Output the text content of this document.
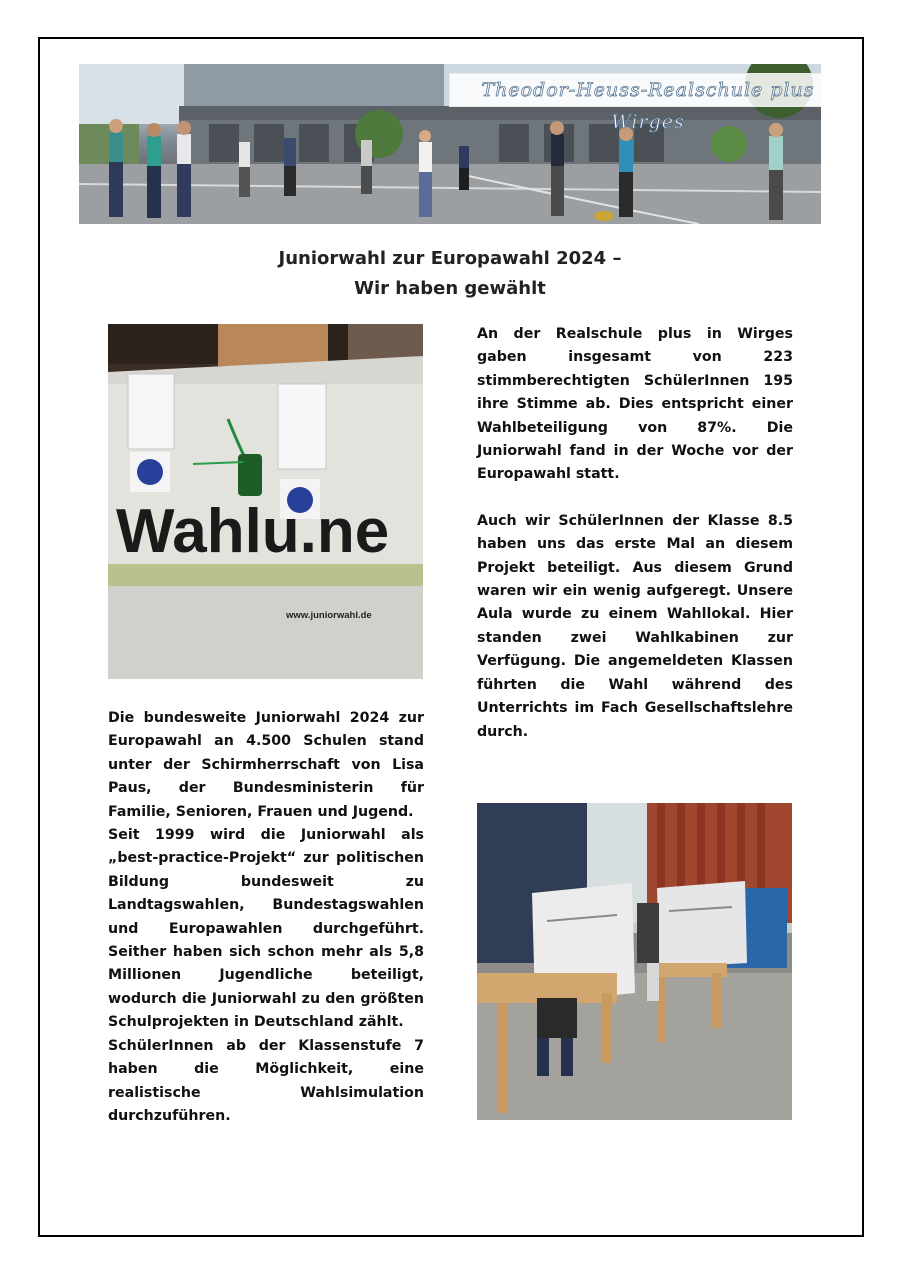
Theodor-Heuss-Realschule plus Wirges
Juniorwahl zur Europawahl 2024 –
Wir haben gewählt
Wahlu.ne
www.juniorwahl.de

Die bundesweite Juniorwahl 2024 zur Europawahl an 4.500 Schulen stand unter der Schirmherrschaft von Lisa Paus, der Bundesministerin für Familie, Senioren, Frauen und Jugend.

Seit 1999 wird die Juniorwahl als „best-practice-Projekt“ zur politischen Bildung bundesweit zu Landtagswahlen, Bundestagswahlen und Europawahlen durchgeführt. Seither haben sich schon mehr als 5,8 Millionen Jugendliche beteiligt, wodurch die Juniorwahl zu den größten Schulprojekten in Deutschland zählt.

SchülerInnen ab der Klassenstufe 7 haben die Möglichkeit, eine realistische Wahlsimulation durchzuführen.

An der Realschule plus in Wirges gaben insgesamt von 223 stimmberechtigten SchülerInnen 195 ihre Stimme ab. Dies entspricht einer Wahlbeteiligung von 87%. Die Juniorwahl fand in der Woche vor der Europawahl statt.

Auch wir SchülerInnen der Klasse 8.5 haben uns das erste Mal an diesem Projekt beteiligt. Aus diesem Grund waren wir ein wenig aufgeregt. Unsere Aula wurde zu einem Wahllokal. Hier standen zwei Wahlkabinen zur Verfügung. Die angemeldeten Klassen führten die Wahl während des Unterrichts im Fach Gesellschaftslehre durch.
